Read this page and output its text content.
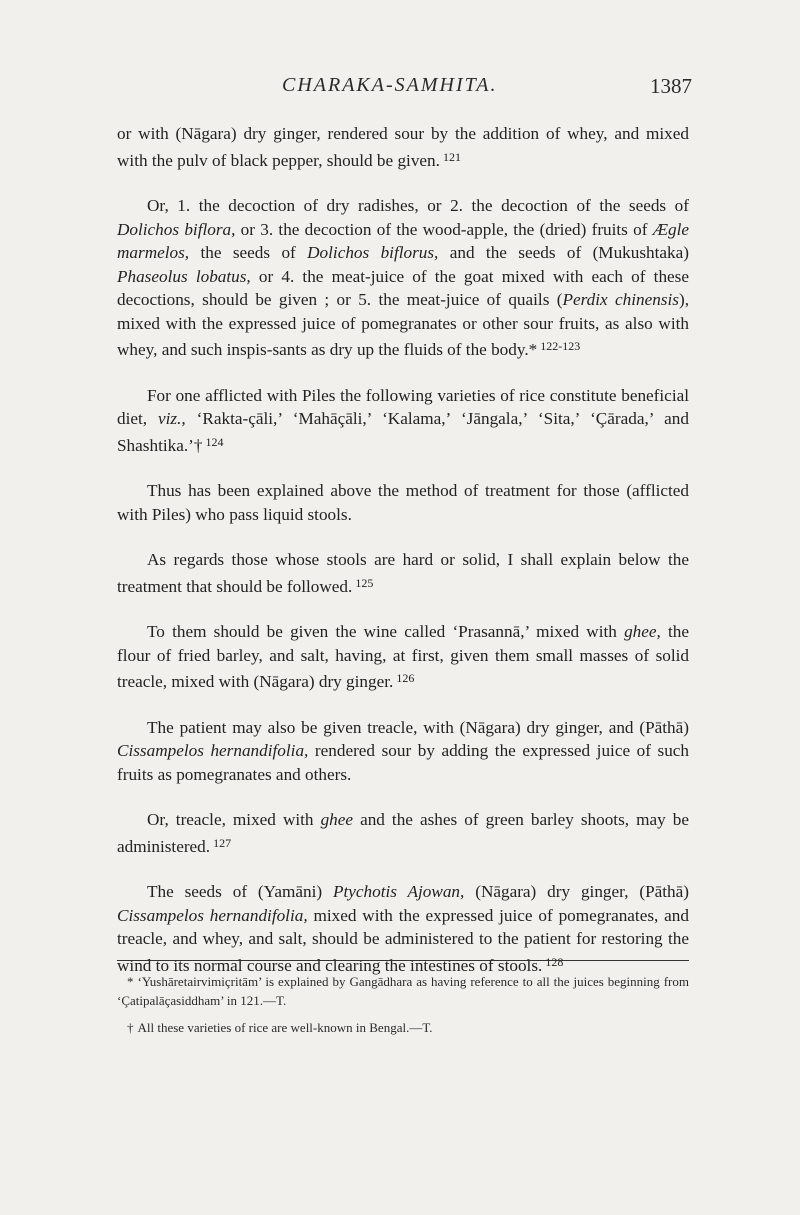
CHARAKA-SAMHITA.	1387

or with (Nāgara) dry ginger, rendered sour by the addition of whey, and mixed with the pulv of black pepper, should be given. $^{121}$

Or, 1. the decoction of dry radishes, or 2. the decoction of the seeds of Dolichos biflora, or 3. the decoction of the wood-apple, the (dried) fruits of Ægle marmelos, the seeds of Dolichos biflorus, and the seeds of (Mukushtaka) Phaseolus lobatus, or 4. the meat-juice of the goat mixed with each of these decoctions, should be given ; or 5. the meat-juice of quails (Perdix chinensis), mixed with the expressed juice of pomegranates or other sour fruits, as also with whey, and such inspis-sants as dry up the fluids of the body.* $^{122-123}$

For one afflicted with Piles the following varieties of rice constitute beneficial diet, viz., ‘Rakta-çāli,’ ‘Mahāçāli,’ ‘Kalama,’ ‘Jāngala,’ ‘Sita,’ ‘Çārada,’ and Shashtika.’† $^{124}$

Thus has been explained above the method of treatment for those (afflicted with Piles) who pass liquid stools.

As regards those whose stools are hard or solid, I shall explain below the treatment that should be followed. $^{125}$

To them should be given the wine called ‘Prasannā,’ mixed with ghee, the flour of fried barley, and salt, having, at first, given them small masses of solid treacle, mixed with (Nāgara) dry ginger. $^{126}$

The patient may also be given treacle, with (Nāgara) dry ginger, and (Pāthā) Cissampelos hernandifolia, rendered sour by adding the expressed juice of such fruits as pomegranates and others.

Or, treacle, mixed with ghee and the ashes of green barley shoots, may be administered. $^{127}$

The seeds of (Yamāni) Ptychotis Ajowan, (Nāgara) dry ginger, (Pāthā) Cissampelos hernandifolia, mixed with the expressed juice of pomegranates, and treacle, and whey, and salt, should be administered to the patient for restoring the wind to its normal course and clearing the intestines of stools. $^{128}$

* ‘Yushāretairvimiçritām’ is explained by Gangādhara as having reference to all the juices beginning from ‘Çatipalāçasiddham’ in 121.—T.

† All these varieties of rice are well-known in Bengal.—T.
